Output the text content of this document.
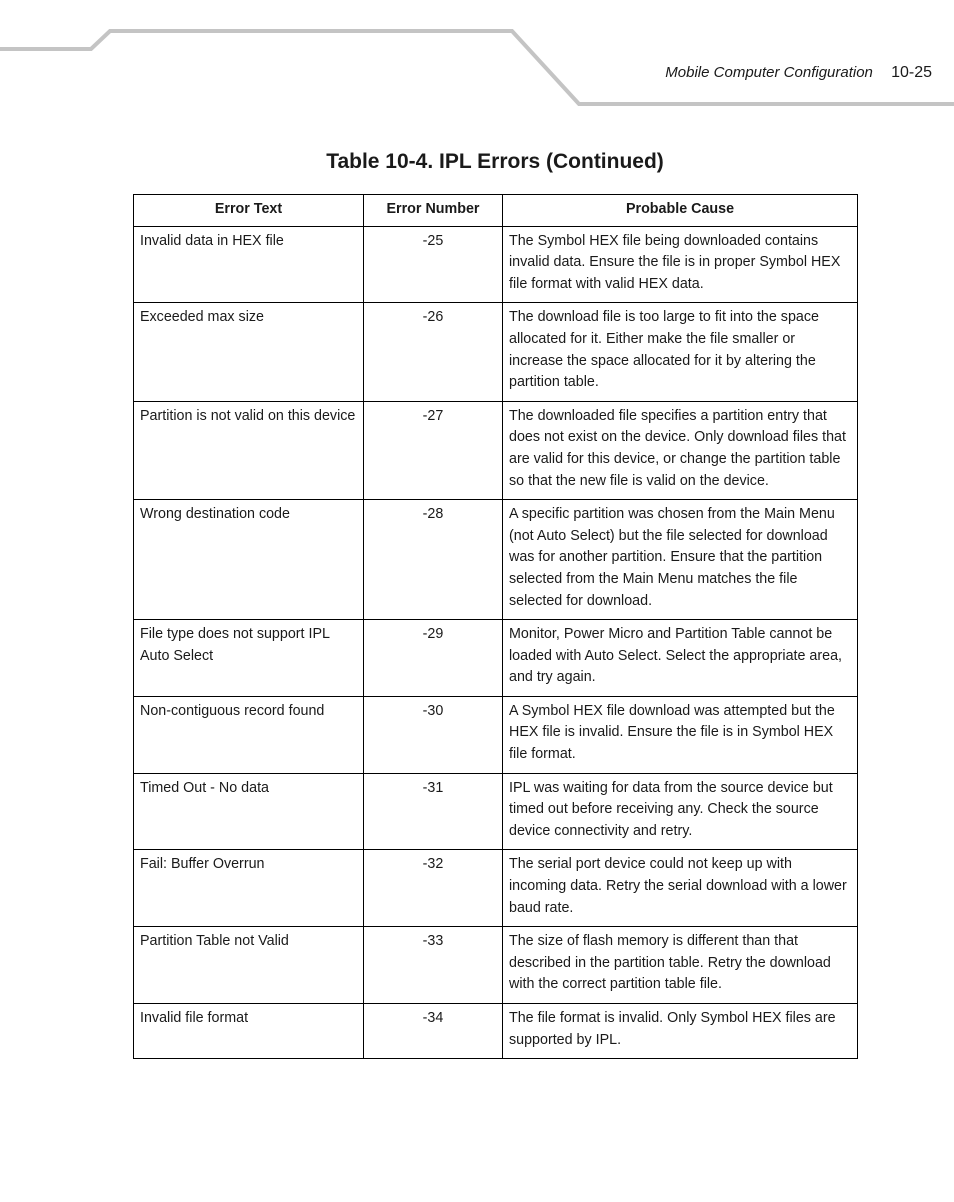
Mobile Computer Configuration 10-25
Table 10-4. IPL Errors (Continued)
Error Text	Error Number	Probable Cause
Invalid data in HEX file	-25	The Symbol HEX file being downloaded contains invalid data. Ensure the file is in proper Symbol HEX file format with valid HEX data.
Exceeded max size	-26	The download file is too large to fit into the space allocated for it. Either make the file smaller or increase the space allocated for it by altering the partition table.
Partition is not valid on this device	-27	The downloaded file specifies a partition entry that does not exist on the device. Only download files that are valid for this device, or change the partition table so that the new file is valid on the device.
Wrong destination code	-28	A specific partition was chosen from the Main Menu (not Auto Select) but the file selected for download was for another partition. Ensure that the partition selected from the Main Menu matches the file selected for download.
File type does not support IPL Auto Select	-29	Monitor, Power Micro and Partition Table cannot be loaded with Auto Select. Select the appropriate area, and try again.
Non-contiguous record found	-30	A Symbol HEX file download was attempted but the HEX file is invalid. Ensure the file is in Symbol HEX file format.
Timed Out - No data	-31	IPL was waiting for data from the source device but timed out before receiving any. Check the source device connectivity and retry.
Fail: Buffer Overrun	-32	The serial port device could not keep up with incoming data. Retry the serial download with a lower baud rate.
Partition Table not Valid	-33	The size of flash memory is different than that described in the partition table. Retry the download with the correct partition table file.
Invalid file format	-34	The file format is invalid. Only Symbol HEX files are supported by IPL.
